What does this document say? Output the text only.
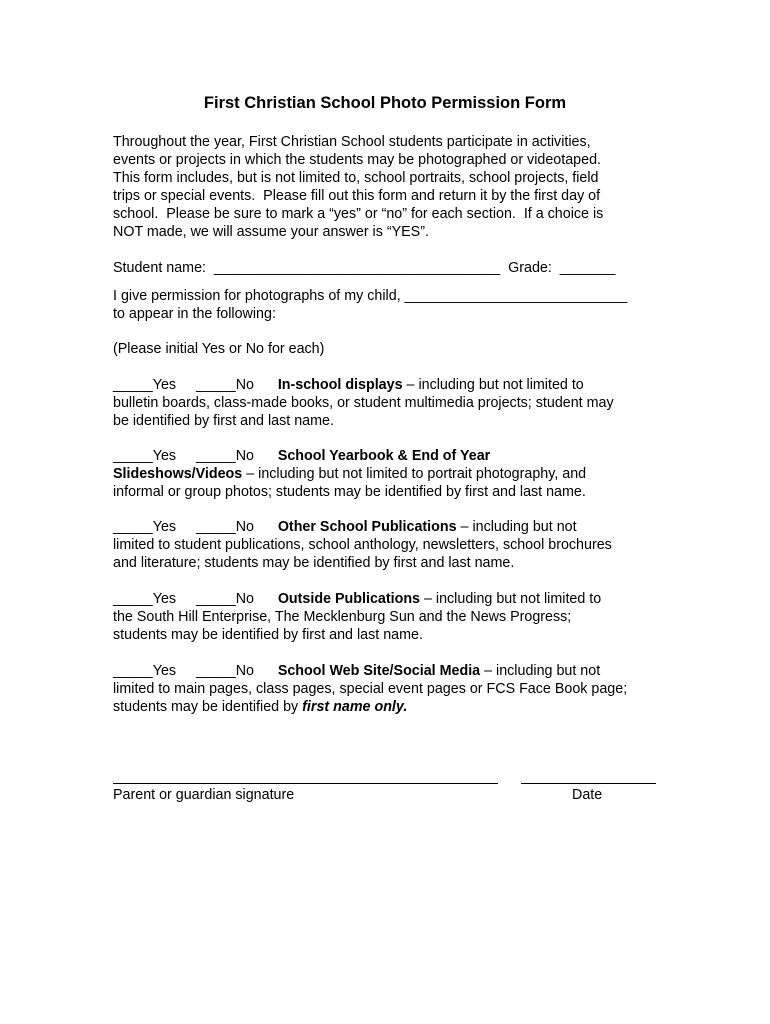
First Christian School Photo Permission Form
Throughout the year, First Christian School students participate in activities,
events or projects in which the students may be photographed or videotaped.
This form includes, but is not limited to, school portraits, school projects, field
trips or special events.  Please fill out this form and return it by the first day of
school.  Please be sure to mark a “yes” or “no” for each section.  If a choice is
NOT made, we will assume your answer is “YES”.
Student name:  ____________________________________  Grade:  _______
I give permission for photographs of my child, ____________________________
to appear in the following:
(Please initial Yes or No for each)
_____Yes     _____No      In-school displays – including but not limited to
bulletin boards, class-made books, or student multimedia projects; student may
be identified by first and last name.
_____Yes     _____No      School Yearbook & End of Year
Slideshows/Videos – including but not limited to portrait photography, and
informal or group photos; students may be identified by first and last name.
_____Yes     _____No      Other School Publications – including but not
limited to student publications, school anthology, newsletters, school brochures
and literature; students may be identified by first and last name.
_____Yes     _____No      Outside Publications – including but not limited to
the South Hill Enterprise, The Mecklenburg Sun and the News Progress;
students may be identified by first and last name.
_____Yes     _____No      School Web Site/Social Media – including but not
limited to main pages, class pages, special event pages or FCS Face Book page;
students may be identified by first name only.
Parent or guardian signature	Date
